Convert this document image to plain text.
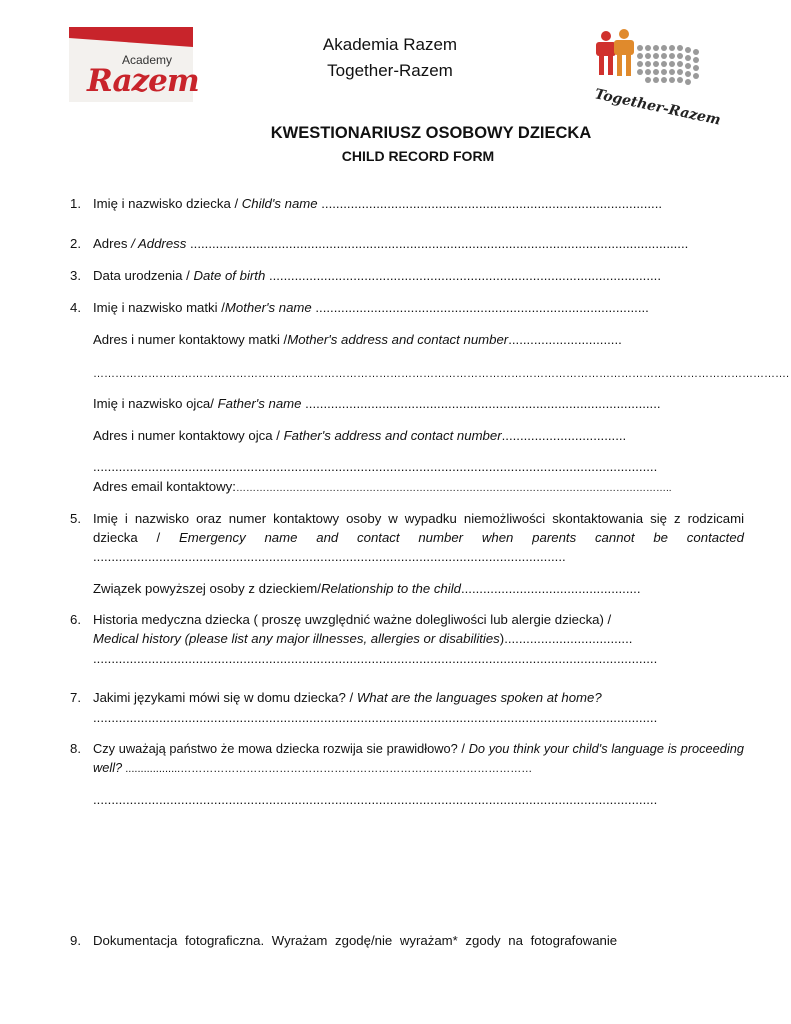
Academy
Razem
Akademia Razem
Together-Razem
Together-Razem
KWESTIONARIUSZ OSOBOWY DZIECKA
CHILD RECORD FORM
1. Imię i nazwisko dziecka / Child's name .............................................................................................
2. Adres / Address ........................................................................................................................................
3. Data urodzenia / Date of birth ...........................................................................................................
4. Imię i nazwisko matki /Mother's name ...........................................................................................
Adres i numer kontaktowy matki /Mother's address and contact number...............................
……………………………………………………………………………………………………………………………………………………………………….
Imię i nazwisko ojca/ Father's name .................................................................................................
Adres i numer kontaktowy ojca / Father's address and contact number..................................
..........................................................................................................................................................
Adres email kontaktowy:…………………………………………………………………………………………………………………..
5. Imię i nazwisko oraz numer kontaktowy osoby w wypadku niemożliwości skontaktowania się z rodzicami dziecka / Emergency name and contact number when parents cannot be contacted .................................................................................................................................
Związek powyższej osoby z dzieckiem/Relationship to the child.................................................
6. Historia medyczna dziecka ( proszę uwzględnić ważne dolegliwości lub alergie dziecka) /
Medical history (please list any major illnesses, allergies or disabilities)...................................
..........................................................................................................................................................
7. Jakimi językami mówi się w domu dziecka? / What are the languages spoken at home?
..........................................................................................................................................................
8. Czy uważają państwo że mowa dziecka rozwija sie prawidłowo? / Do you think your child's language is proceeding well? ..................……………………………………………………………………………………
..........................................................................................................................................................
9. Dokumentacja fotograficzna. Wyrażam zgodę/nie wyrażam* zgody na fotografowanie
